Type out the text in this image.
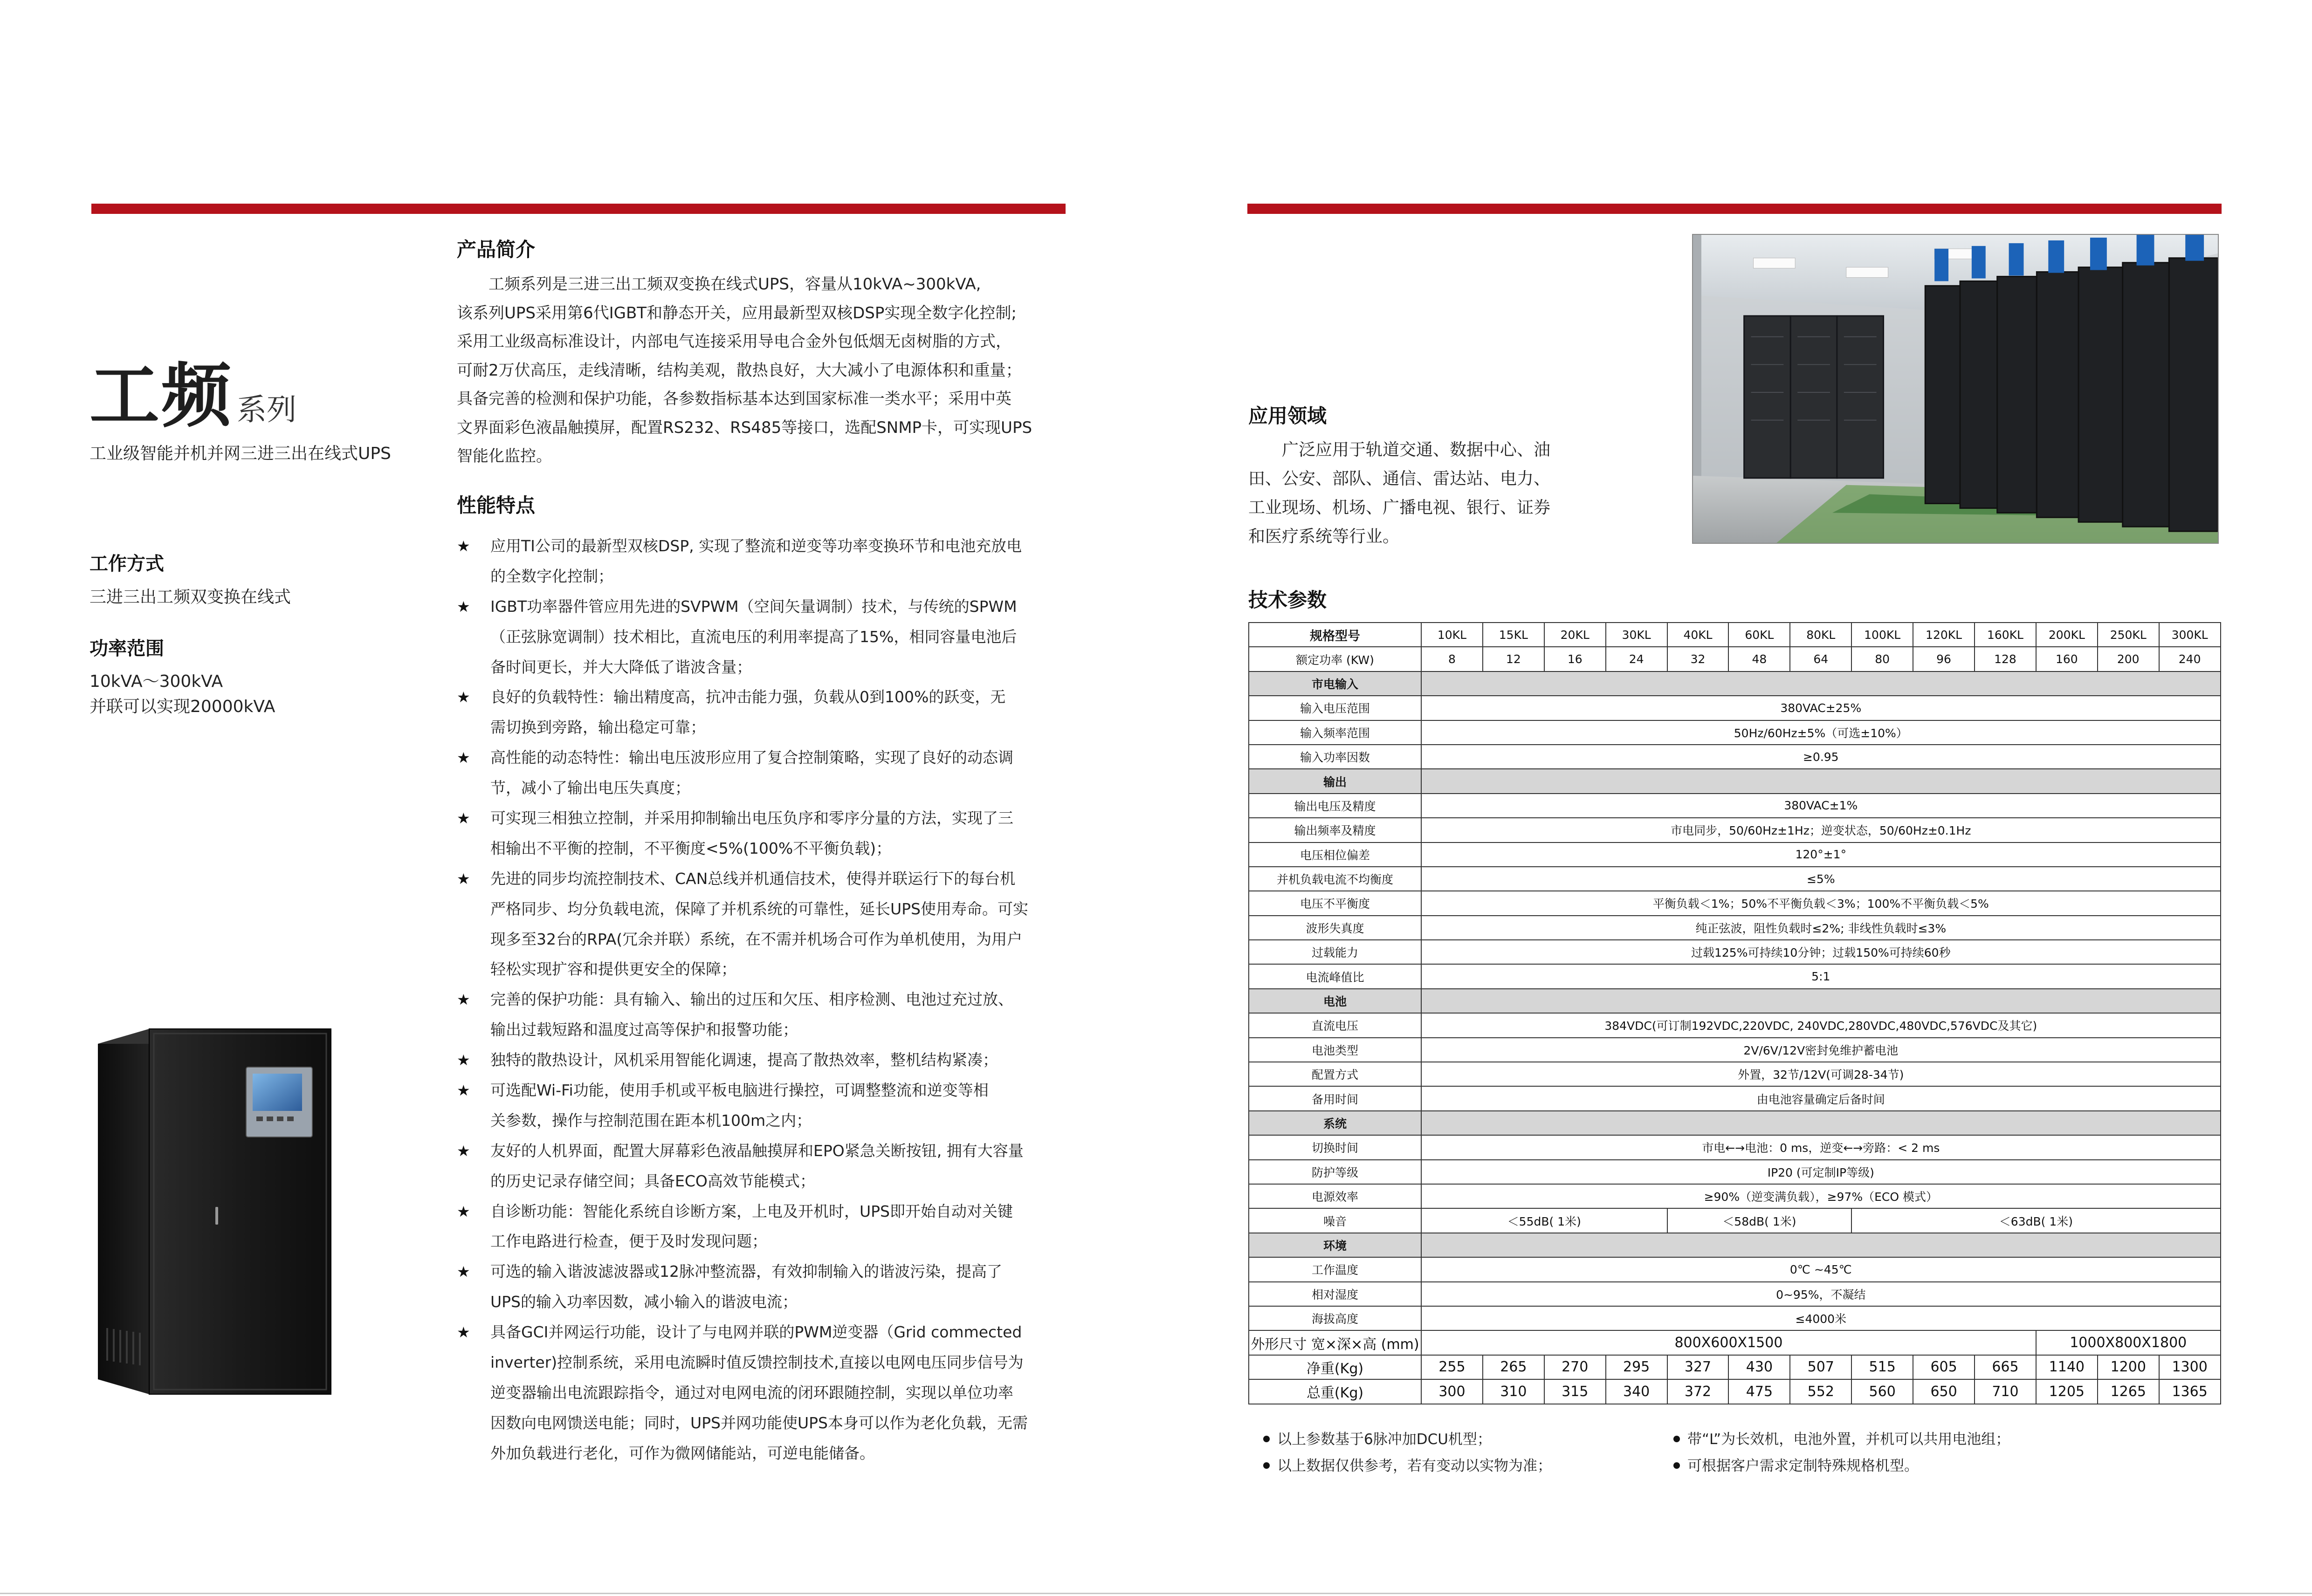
工频 系列
工业级智能并机并网三进三出在线式UPS
工作方式
三进三出工频双变换在线式
功率范围
10kVA～300kVA
并联可以实现20000kVA
产品简介
　　工频系列是三进三出工频双变换在线式UPS，容量从10kVA~300kVA,
该系列UPS采用第6代IGBT和静态开关，应用最新型双核DSP实现全数字化控制;
采用工业级高标准设计，内部电气连接采用导电合金外包低烟无卤树脂的方式，
可耐2万伏高压，走线清晰，结构美观，散热良好，大大减小了电源体积和重量；
具备完善的检测和保护功能，各参数指标基本达到国家标准一类水平；采用中英
文界面彩色液晶触摸屏，配置RS232、RS485等接口，选配SNMP卡，可实现UPS
智能化监控。
性能特点
★ 应用TI公司的最新型双核DSP, 实现了整流和逆变等功率变换环节和电池充放电
的全数字化控制；
★ IGBT功率器件管应用先进的SVPWM（空间矢量调制）技术，与传统的SPWM
（正弦脉宽调制）技术相比，直流电压的利用率提高了15%，相同容量电池后
备时间更长，并大大降低了谐波含量；
★ 良好的负载特性：输出精度高，抗冲击能力强，负载从0到100%的跃变，无
需切换到旁路，输出稳定可靠；
★ 高性能的动态特性：输出电压波形应用了复合控制策略，实现了良好的动态调
节，减小了输出电压失真度；
★ 可实现三相独立控制，并采用抑制输出电压负序和零序分量的方法，实现了三
相输出不平衡的控制，不平衡度<5%(100%不平衡负载)；
★ 先进的同步均流控制技术、CAN总线并机通信技术，使得并联运行下的每台机
严格同步、均分负载电流，保障了并机系统的可靠性，延长UPS使用寿命。可实
现多至32台的RPA(冗余并联）系统，在不需并机场合可作为单机使用，为用户
轻松实现扩容和提供更安全的保障；
★ 完善的保护功能：具有输入、输出的过压和欠压、相序检测、电池过充过放、
输出过载短路和温度过高等保护和报警功能；
★ 独特的散热设计，风机采用智能化调速，提高了散热效率，整机结构紧凑；
★ 可选配Wi-Fi功能，使用手机或平板电脑进行操控，可调整整流和逆变等相
关参数，操作与控制范围在距本机100m之内；
★ 友好的人机界面，配置大屏幕彩色液晶触摸屏和EPO紧急关断按钮, 拥有大容量
的历史记录存储空间；具备ECO高效节能模式；
★ 自诊断功能：智能化系统自诊断方案，上电及开机时，UPS即开始自动对关键
工作电路进行检查，便于及时发现问题；
★ 可选的输入谐波滤波器或12脉冲整流器，有效抑制输入的谐波污染，提高了
UPS的输入功率因数，减小输入的谐波电流；
★ 具备GCI并网运行功能，设计了与电网并联的PWM逆变器（Grid commected
inverter)控制系统，采用电流瞬时值反馈控制技术,直接以电网电压同步信号为
逆变器输出电流跟踪指令，通过对电网电流的闭环跟随控制，实现以单位功率
因数向电网馈送电能；同时，UPS并网功能使UPS本身可以作为老化负载，无需
外加负载进行老化，可作为微网储能站，可逆电能储备。
应用领域
　　广泛应用于轨道交通、数据中心、油
田、公安、部队、通信、雷达站、电力、
工业现场、机场、广播电视、银行、证券
和医疗系统等行业。
技术参数
规格型号	10KL	15KL	20KL	30KL	40KL	60KL	80KL	100KL	120KL	160KL	200KL	250KL	300KL
额定功率 (KW)	8	12	16	24	32	48	64	80	96	128	160	200	240
市电输入													
输入电压范围	380VAC±25%												
输入频率范围	50Hz/60Hz±5%（可选±10%）												
输入功率因数	≥0.95												
输出													
输出电压及精度	380VAC±1%												
输出频率及精度	市电同步，50/60Hz±1Hz；逆变状态，50/60Hz±0.1Hz												
电压相位偏差	120°±1°												
并机负载电流不均衡度	≤5%												
电压不平衡度	平衡负载＜1%；50%不平衡负载＜3%；100%不平衡负载＜5%												
波形失真度	纯正弦波，阻性负载时≤2%; 非线性负载时≤3%												
过载能力	过载125%可持续10分钟；过载150%可持续60秒												
电流峰值比	5:1												
电池													
直流电压	384VDC(可订制192VDC,220VDC, 240VDC,280VDC,480VDC,576VDC及其它)												
电池类型	2V/6V/12V密封免维护蓄电池												
配置方式	外置，32节/12V(可调28-34节)												
备用时间	由电池容量确定后备时间												
系统													
切换时间	市电←→电池：0 ms，逆变←→旁路：< 2 ms												
防护等级	IP20 (可定制IP等级)												
电源效率	≥90%（逆变满负载），≥97%（ECO 模式）												
噪音	＜55dB( 1米)				＜58dB( 1米)			＜63dB( 1米)					
环境													
工作温度	0℃ ~45℃												
相对湿度	0~95%，不凝结												
海拔高度	≤4000米												
外形尺寸 宽×深×高 (mm)	800X600X1500										1000X800X1800		
净重(Kg)	255	265	270	295	327	430	507	515	605	665	1140	1200	1300
总重(Kg)	300	310	315	340	372	475	552	560	650	710	1205	1265	1365
以上参数基于6脉冲加DCU机型；
以上数据仅供参考，若有变动以实物为准；
带“L”为长效机，电池外置，并机可以共用电池组；
可根据客户需求定制特殊规格机型。
